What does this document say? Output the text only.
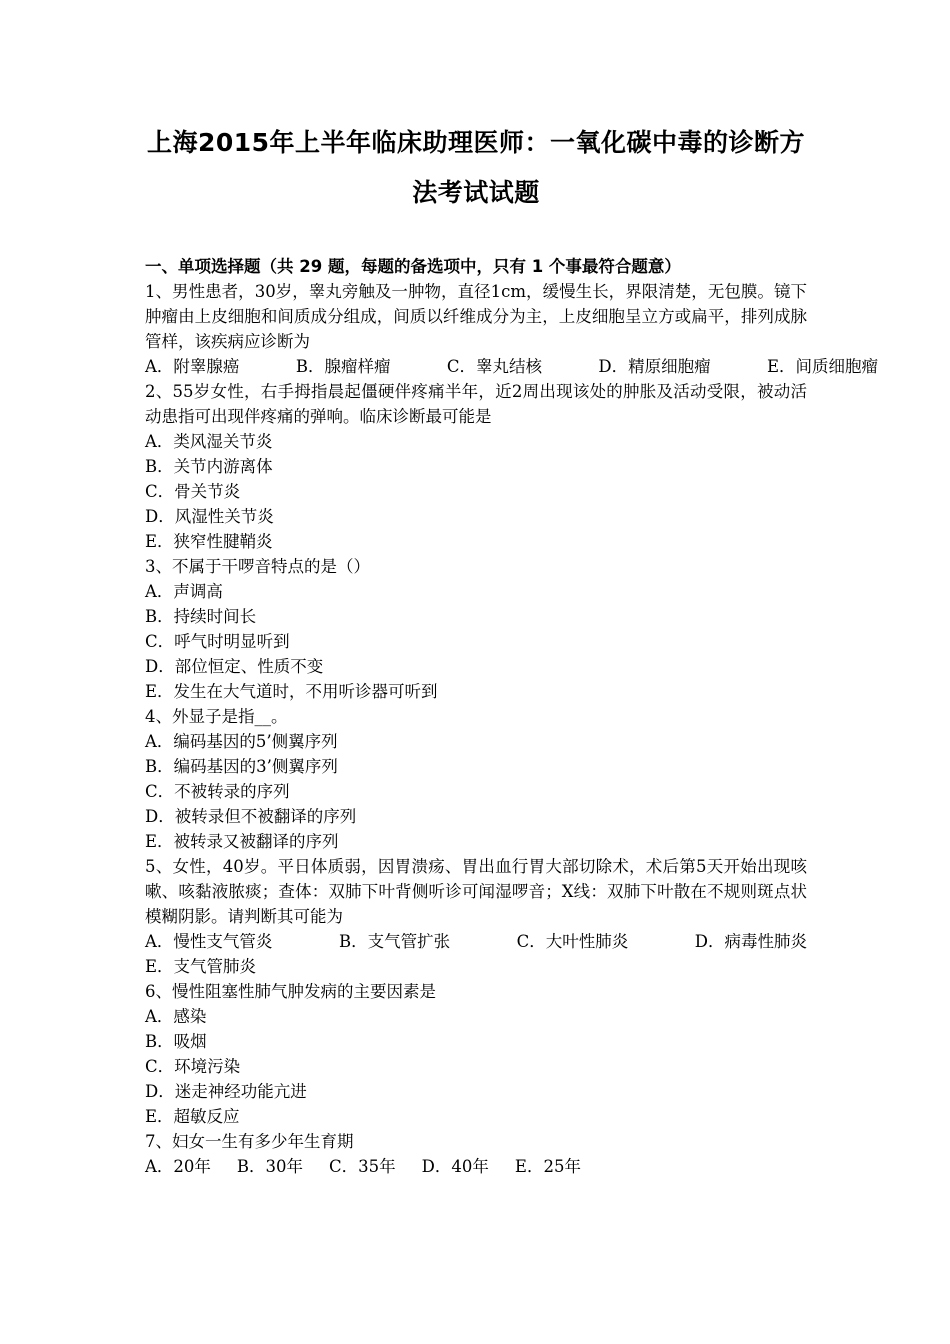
上海2015年上半年临床助理医师：一氧化碳中毒的诊断方
法考试试题
一、单项选择题（共 29 题，每题的备选项中，只有 1 个事最符合题意）
1、男性患者，30岁，睾丸旁触及一肿物，直径1cm，缓慢生长，界限清楚，无包膜。镜下肿瘤由上皮细胞和间质成分组成，间质以纤维成分为主，上皮细胞呈立方或扁平，排列成脉管样，该疾病应诊断为
A．附睾腺癌	B．腺瘤样瘤	C．睾丸结核	D．精原细胞瘤	E．间质细胞瘤
2、55岁女性，右手拇指晨起僵硬伴疼痛半年，近2周出现该处的肿胀及活动受限，被动活动患指可出现伴疼痛的弹响。临床诊断最可能是
A．类风湿关节炎
B．关节内游离体
C．骨关节炎
D．风湿性关节炎
E．狭窄性腱鞘炎
3、不属于干啰音特点的是（）
A．声调高
B．持续时间长
C．呼气时明显听到
D．部位恒定、性质不变
E．发生在大气道时，不用听诊器可听到
4、外显子是指__。
A．编码基因的5’侧翼序列
B．编码基因的3’侧翼序列
C．不被转录的序列
D．被转录但不被翻译的序列
E．被转录又被翻译的序列
5、女性，40岁。平日体质弱，因胃溃疡、胃出血行胃大部切除术，术后第5天开始出现咳嗽、咳黏液脓痰；查体：双肺下叶背侧听诊可闻湿啰音；X线：双肺下叶散在不规则斑点状模糊阴影。请判断其可能为
A．慢性支气管炎	B．支气管扩张	C．大叶性肺炎	D．病毒性肺炎
E．支气管肺炎
6、慢性阻塞性肺气肿发病的主要因素是
A．感染
B．吸烟
C．环境污染
D．迷走神经功能亢进
E．超敏反应
7、妇女一生有多少年生育期
A．20年 B．30年 C．35年 D．40年 E．25年
